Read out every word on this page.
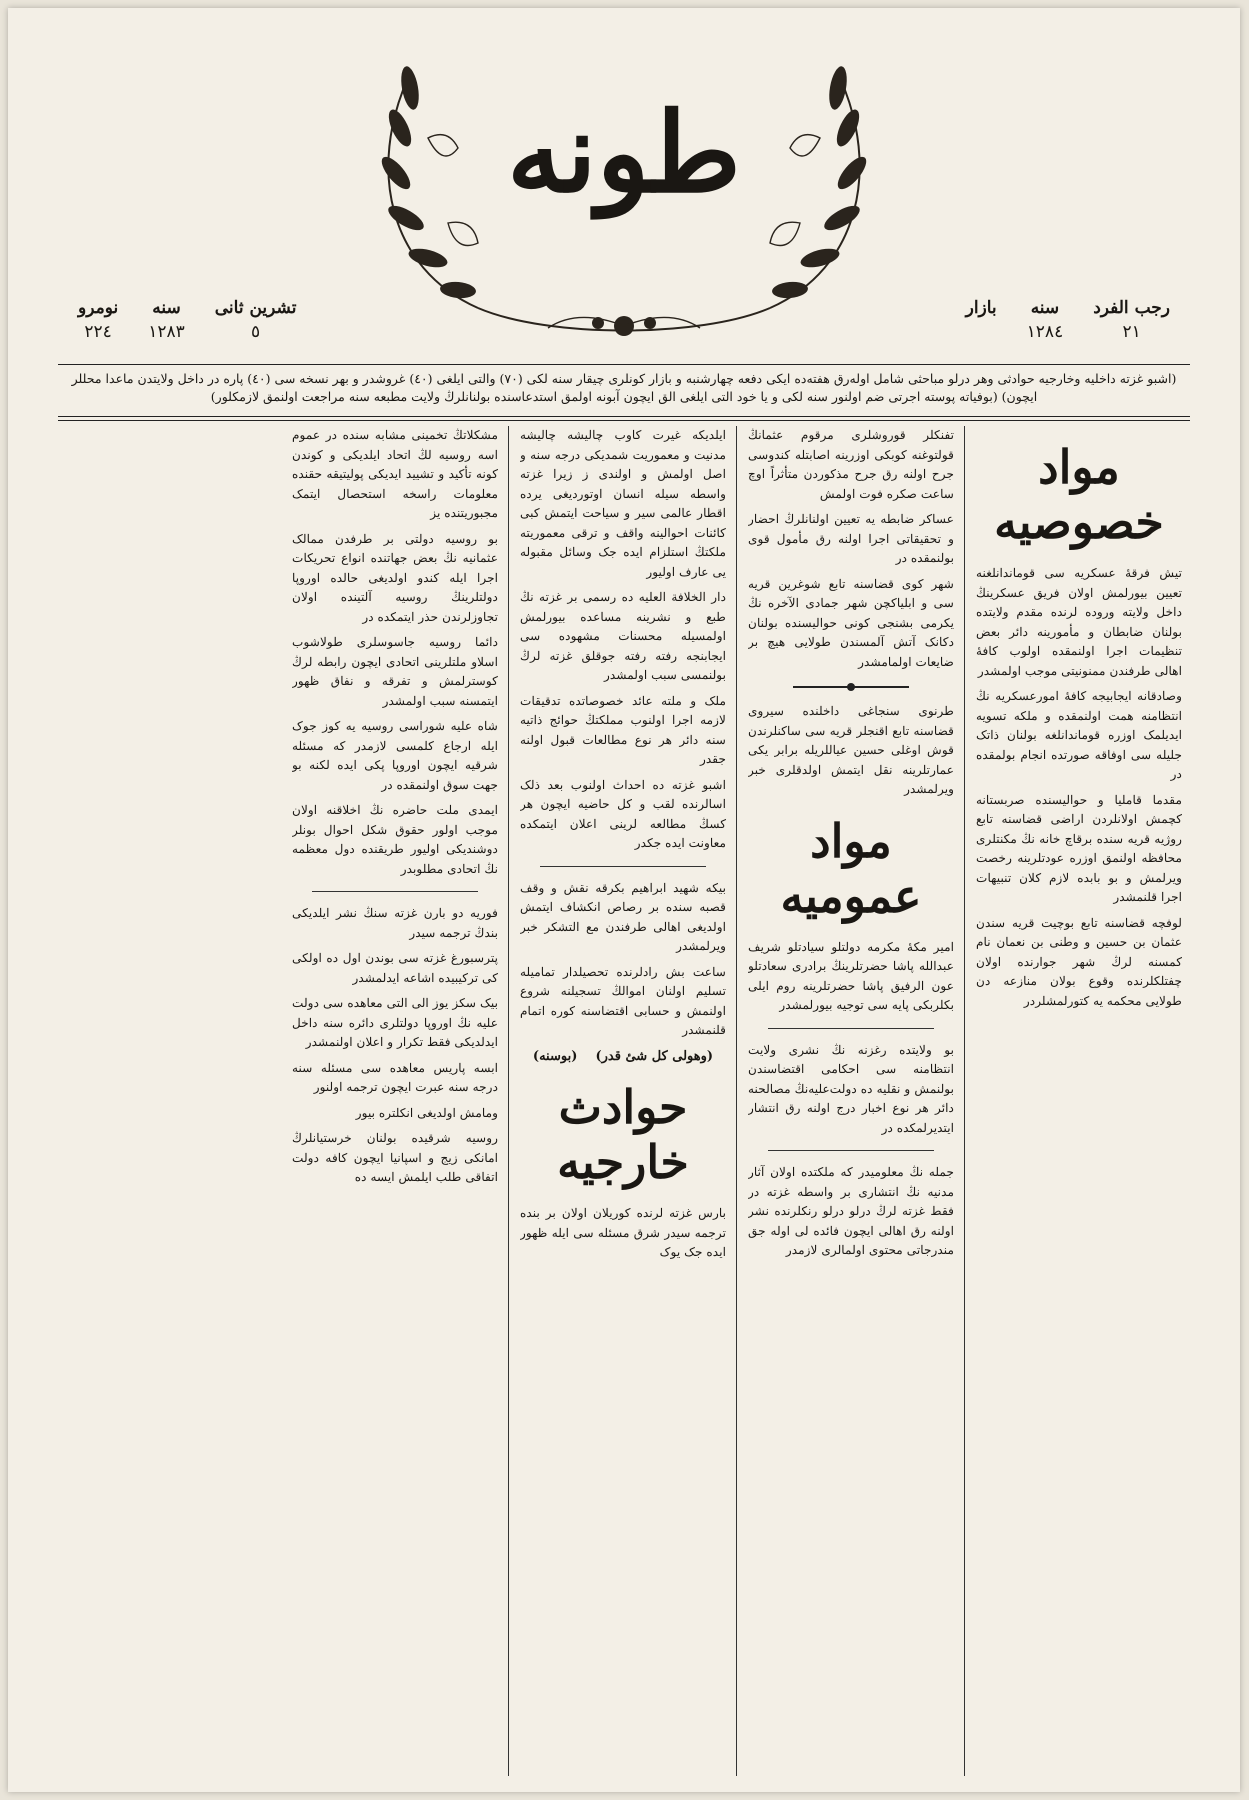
طونه
رجب الفرد
٢١
سنه
١٢٨٤
بازار
تشرین ثانی
٥
سنه
١٢٨٣
نومرو
٢٢٤
(اشبو غزته داخلیه وخارجیه حوادثی وهر درلو مباحثی شامل اولەرق هفتەدە ایکی دفعه چهارشنبه و بازار کونلری چیقار سنه لکی (٧٠) والتی ایلغی (٤٠) غروشدر و بهر نسخه سی (٤٠) پاره در داخل ولایتدن ماعدا محللر ایچون) (بوفیاته پوسته اجرتی ضم اولنور سنه لکی و یا خود التی ایلغی الق ایچون آبونه اولمق استدعاسنده بولنانلرڭ ولایت مطبعه سنه مراجعت اولنمق لازمکلور)
مواد خصوصیه

تیش فرقهٔ عسکریه سی قوماندانلغنه تعیین بیورلمش اولان فریق عسکرینڭ داخل ولایته وروده لرنده مقدم ولایتده بولنان ضابطان و مأمورینه دائر بعض تنظیمات اجرا اولنمقده اولوب کافهٔ اهالی طرفندن ممنونیتی موجب اولمشدر

وصادقانه ایجابیجه کافهٔ امورعسکریه نڭ انتظامنه همت اولنمقده و ملکه تسویه ایدیلمک اوزره قوماندانلغه بولنان ذاتک جلیله سی اوفاقه صورتده انجام بولمقده در

مقدما قاملیا و حوالیسنده صربستانه کچمش اولانلردن اراضی قضاسنه تابع روژیه قریه سنده برقاچ خانه نڭ مکنتلری محافظه اولنمق اوزره عودتلرینه رخصت ویرلمش و بو بابده لازم کلان تنبیهات اجرا قلنمشدر

لوفچه قضاسنه تابع بوچیت قریه سندن عثمان بن حسین و وطنی بن نعمان نام کمسنه لرڭ شهر جوارنده اولان چفتلکلرنده وقوع بولان منازعه دن طولایی محکمه یه کتورلمشلردر

تفنکلر قوروشلری مرقوم عثمانڭ قولتوغنه کوبکی اوزرینه اصابتله کندوسی جرح اولنه رق جرح مذکوردن متأثراً اوچ ساعت صکره فوت اولمش

عساکر ضابطه یه تعیین اولنانلرڭ احضار و تحقیقاتی اجرا اولنه رق مأمول قوی بولنمقده در

شهر کوی قضاسنه تابع شوغرین قریه سی و ابلیاکچن شهر جمادی الآخره نڭ یکرمی بشنجی کونی حوالیسنده بولنان دکانک آتش آلمسندن طولایی هیچ بر ضایعات اولمامشدر

طرنوی سنجاغی داخلنده سیروی قضاسنه تابع اقنجلر قریه سی ساکنلرندن قوش اوغلی حسین عیاللریله برابر یکی عمارتلرینه نقل ایتمش اولدقلری خبر ویرلمشدر

مواد عمومیه

امیر مکهٔ مکرمه دولتلو سیادتلو شریف عبدالله پاشا حضرتلرینڭ برادری سعادتلو عون الرفیق پاشا حضرتلرینه روم ایلی بکلربکی پایه سی توجیه بیورلمشدر

بو ولایتده رغزنه نڭ نشری ولایت انتظامنه سی احکامی اقتضاسندن بولنمش و نقلیه ده دولت‌علیه‌نڭ مصالحنه دائر هر نوع اخبار درج اولنه رق انتشار ایتدیرلمکده در

جمله نڭ معلومیدر که ملکتده اولان آثار مدنیه نڭ انتشاری بر واسطه غزته در فقط غزته لرڭ درلو درلو رنکلرنده نشر اولنه رق اهالی ایچون فائده لی اوله جق مندرجاتی محتوی اولمالری لازمدر

ایلدیکه غیرت کاوب چالیشه چالیشه مدنیت و معموریت شمدیکی درجه سنه و اصل اولمش و اولندی ز زیرا غزته واسطه سیله انسان اوتوردیغی یرده اقطار عالمی سیر و سیاحت ایتمش کبی کائنات احوالینه واقف و ترقی معموریته ملکتڭ استلزام ایده جک وسائل مقبوله یی عارف اولیور

دار الخلافة العلیه ده رسمی بر غزته نڭ طبع و نشرینه مساعده بیورلمش اولمسیله محسنات مشهوده سی ایجابنجه رفته رفته جوقلق غزته لرڭ بولنمسی سبب اولمشدر

ملک و ملته عائد خصوصاتده تدقیقات لازمه اجرا اولنوب مملکتڭ حوائج ذاتیه سنه دائر هر نوع مطالعات قبول اولنه جقدر

اشبو غزته ده احداث اولنوب بعد ذلک اسالرنده لقب و کل حاضیه ایچون هر کسڭ مطالعه لرینی اعلان ایتمکده معاونت ایده جکدر

بیکه شهید ابراهیم بکرقه نقش و وقف قصبه سنده بر رصاص انکشاف ایتمش اولدیغی اهالی طرفندن مع التشکر خبر ویرلمشدر

ساعت بش رادلرنده تحصیلدار تمامیله تسلیم اولنان اموالڭ تسجیلنه شروع اولنمش و حسابی اقتضاسنه کوره اتمام قلنمشدر

(وهولی کل شئ قدر)    (بوسنه)
حوادث خارجیه

بارس غزته لرنده کوریلان اولان بر بنده ترجمه سیدر شرق مسئله سی ایله ظهور ایده جک یوک

مشکلاتڭ تخمینی مشابه سنده در عموم اسه روسیه لڭ اتحاد ایلدیکی و کوندن کونه تأکید و تشیید ایدیکی پولیتیقه حقنده معلومات راسخه استحصال ایتمک مجبوریتنده یز

بو روسیه دولتی بر طرفدن ممالک عثمانیه نڭ بعض جهاتنده انواع تحریکات اجرا ایله کندو اولدیغی حالده اوروپا دولتلرینڭ روسیه آلتینده اولان تجاوزلرندن حذر ایتمکده در

دائما روسیه جاسوسلری طولاشوب اسلاو ملتلرینی اتحادی ایچون رابطه لرڭ کوسترلمش و تفرقه و نفاق ظهور ایتمسنه سبب اولمشدر

شاه علیه شوراسی روسیه یه کوز جوک ایله ارجاع کلمسی لازمدر که مسئله شرقیه ایچون اوروپا پکی ایده لکنه بو جهت سوق اولنمقده در

ایمدی ملت حاضره نڭ اخلاقنه اولان موجب اولور حقوق شکل احوال بونلر دوشندیکی اولیور طریقنده دول معظمه نڭ اتحادی مطلوبدر

فوریه دو بارن غزته سنڭ نشر ایلدیکی بندڭ ترجمه سیدر

پترسبورغ غزته سی بوندن اول ده اولکی کی ترکیبیده اشاعه ایدلمشدر

بیک سکز یوز الی التی معاهده سی دولت علیه نڭ اوروپا دولتلری دائره سنه داخل ایدلدیکی فقط تکرار و اعلان اولنمشدر

ابسه پاریس معاهده سی مسئله سنه درجه سنه عبرت ایچون ترجمه اولنور

ومامش اولدیغی انکلتره بیور

روسیه شرقیده بولنان خرستیانلرڭ امانکی زیج و اسپانیا ایچون کافه دولت اتفاقی طلب ایلمش ایسه ده
